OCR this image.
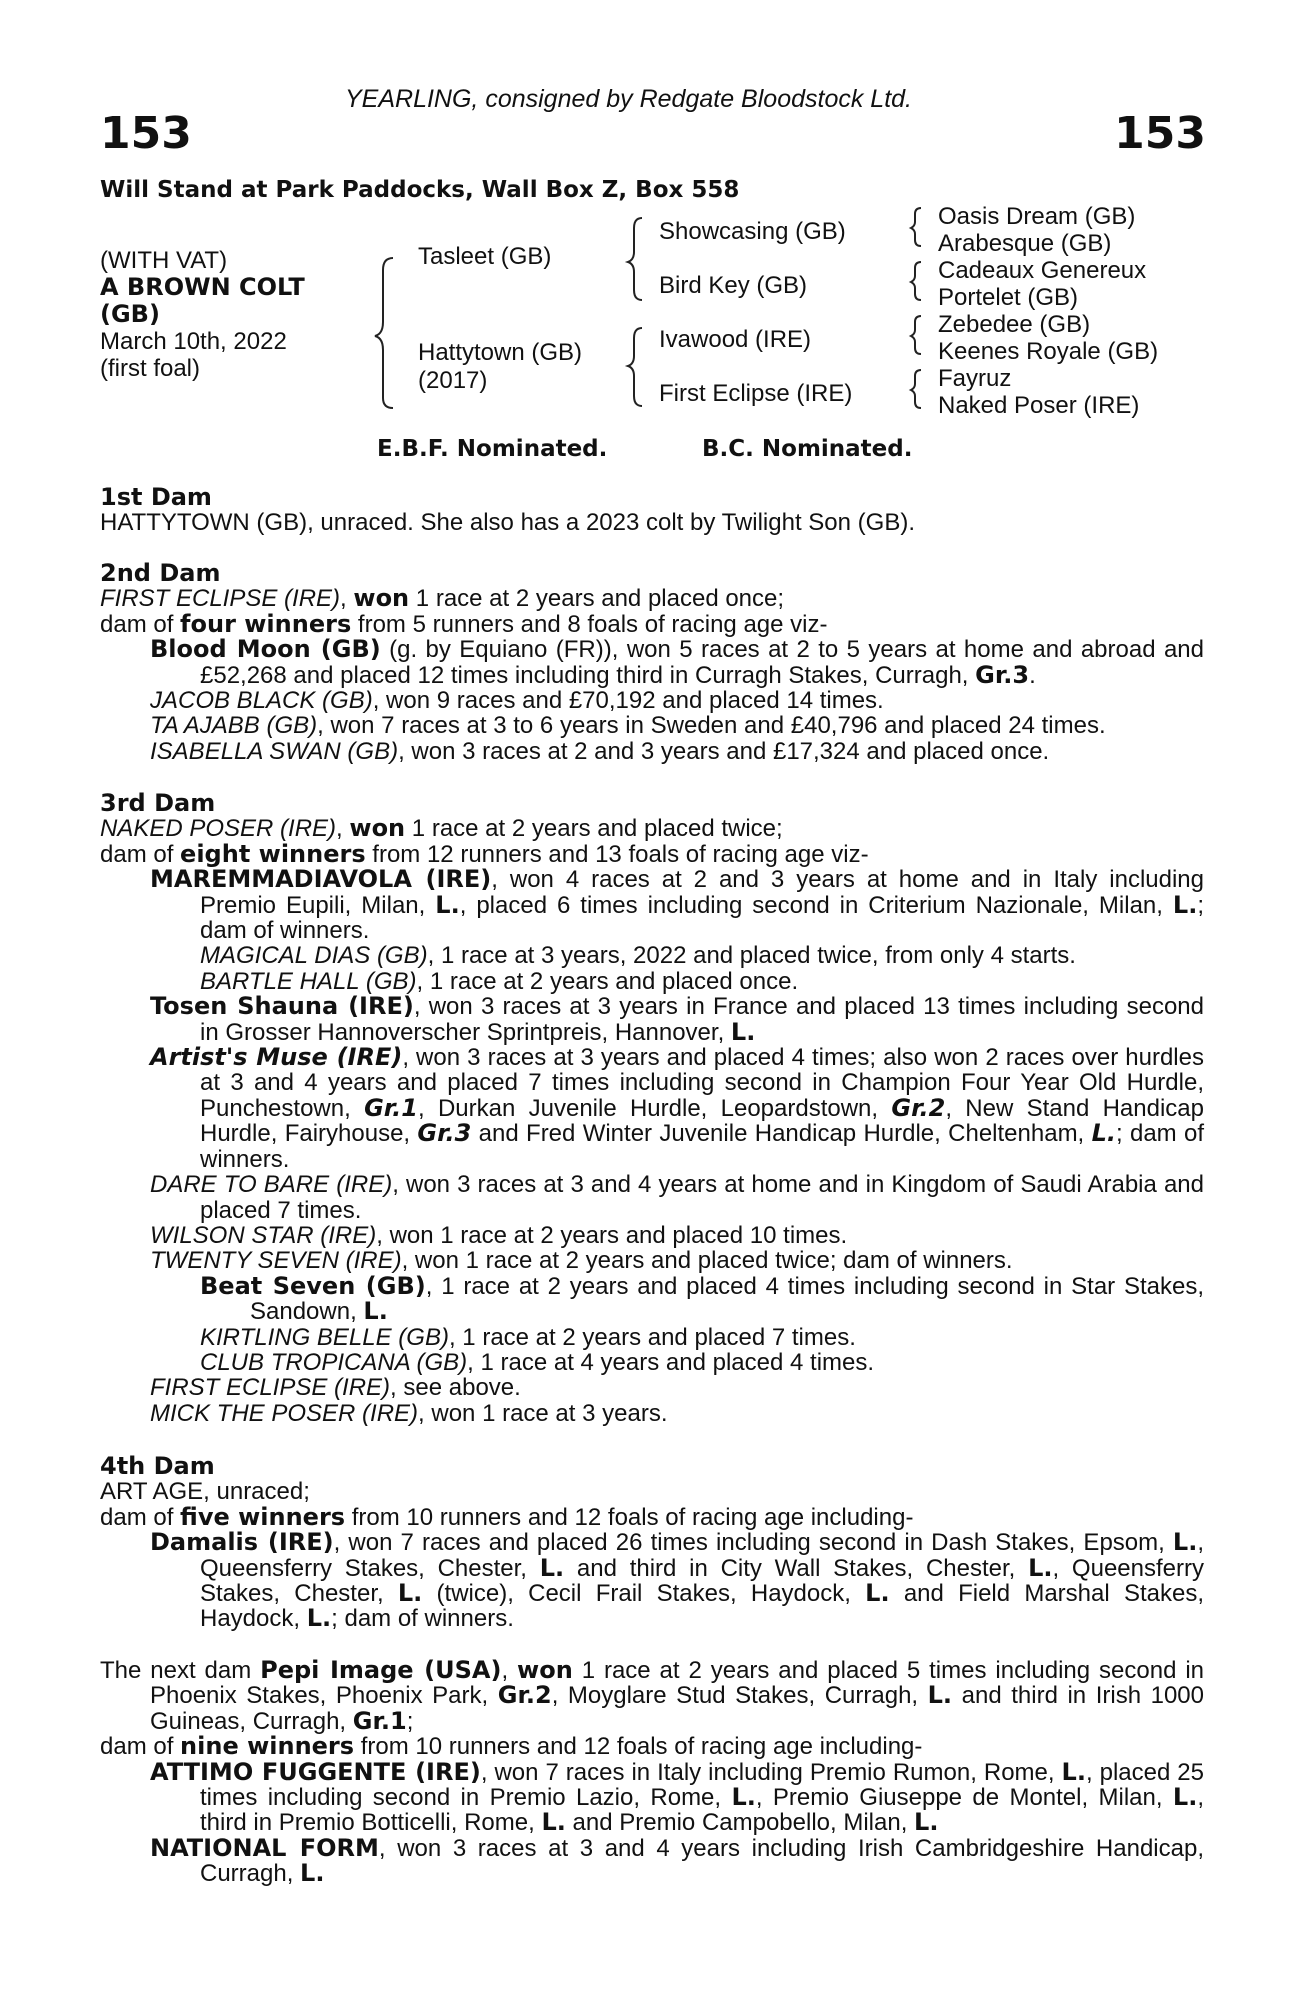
YEARLING, consigned by Redgate Bloodstock Ltd.
153	153
Will Stand at Park Paddocks, Wall Box Z, Box 558
(WITH VAT)
A BROWN COLT
(GB)
March 10th, 2022
(first foal)
Tasleet (GB)
Hattytown (GB)
(2017)
Showcasing (GB)
Bird Key (GB)
Ivawood (IRE)
First Eclipse (IRE)
Oasis Dream (GB)
Arabesque (GB)
Cadeaux Genereux
Portelet (GB)
Zebedee (GB)
Keenes Royale (GB)
Fayruz
Naked Poser (IRE)
E.B.F. Nominated.	B.C. Nominated.

1st Dam

HATTYTOWN (GB), unraced. She also has a 2023 colt by Twilight Son (GB).

2nd Dam

FIRST ECLIPSE (IRE), won 1 race at 2 years and placed once;

dam of four winners from 5 runners and 8 foals of racing age viz-

Blood Moon (GB) (g. by Equiano (FR)), won 5 races at 2 to 5 years at home and abroad and £52,268 and placed 12 times including third in Curragh Stakes, Curragh, Gr.3.

JACOB BLACK (GB), won 9 races and £70,192 and placed 14 times.

TA AJABB (GB), won 7 races at 3 to 6 years in Sweden and £40,796 and placed 24 times.

ISABELLA SWAN (GB), won 3 races at 2 and 3 years and £17,324 and placed once.

3rd Dam

NAKED POSER (IRE), won 1 race at 2 years and placed twice;

dam of eight winners from 12 runners and 13 foals of racing age viz-

MAREMMADIAVOLA (IRE), won 4 races at 2 and 3 years at home and in Italy including Premio Eupili, Milan, L., placed 6 times including second in Criterium Nazionale, Milan, L.; dam of winners.

MAGICAL DIAS (GB), 1 race at 3 years, 2022 and placed twice, from only 4 starts.

BARTLE HALL (GB), 1 race at 2 years and placed once.

Tosen Shauna (IRE), won 3 races at 3 years in France and placed 13 times including second in Grosser Hannoverscher Sprintpreis, Hannover, L.

Artist's Muse (IRE), won 3 races at 3 years and placed 4 times; also won 2 races over hurdles at 3 and 4 years and placed 7 times including second in Champion Four Year Old Hurdle, Punchestown, Gr.1, Durkan Juvenile Hurdle, Leopardstown, Gr.2, New Stand Handicap Hurdle, Fairyhouse, Gr.3 and Fred Winter Juvenile Handicap Hurdle, Cheltenham, L.; dam of winners.

DARE TO BARE (IRE), won 3 races at 3 and 4 years at home and in Kingdom of Saudi Arabia and placed 7 times.

WILSON STAR (IRE), won 1 race at 2 years and placed 10 times.

TWENTY SEVEN (IRE), won 1 race at 2 years and placed twice; dam of winners.

Beat Seven (GB), 1 race at 2 years and placed 4 times including second in Star Stakes, Sandown, L.

KIRTLING BELLE (GB), 1 race at 2 years and placed 7 times.

CLUB TROPICANA (GB), 1 race at 4 years and placed 4 times.

FIRST ECLIPSE (IRE), see above.

MICK THE POSER (IRE), won 1 race at 3 years.

4th Dam

ART AGE, unraced;

dam of five winners from 10 runners and 12 foals of racing age including-

Damalis (IRE), won 7 races and placed 26 times including second in Dash Stakes, Epsom, L., Queensferry Stakes, Chester, L. and third in City Wall Stakes, Chester, L., Queensferry Stakes, Chester, L. (twice), Cecil Frail Stakes, Haydock, L. and Field Marshal Stakes, Haydock, L.; dam of winners.

The next dam Pepi Image (USA), won 1 race at 2 years and placed 5 times including second in Phoenix Stakes, Phoenix Park, Gr.2, Moyglare Stud Stakes, Curragh, L. and third in Irish 1000 Guineas, Curragh, Gr.1;

dam of nine winners from 10 runners and 12 foals of racing age including-

ATTIMO FUGGENTE (IRE), won 7 races in Italy including Premio Rumon, Rome, L., placed 25 times including second in Premio Lazio, Rome, L., Premio Giuseppe de Montel, Milan, L., third in Premio Botticelli, Rome, L. and Premio Campobello, Milan, L.

NATIONAL FORM, won 3 races at 3 and 4 years including Irish Cambridgeshire Handicap, Curragh, L.
